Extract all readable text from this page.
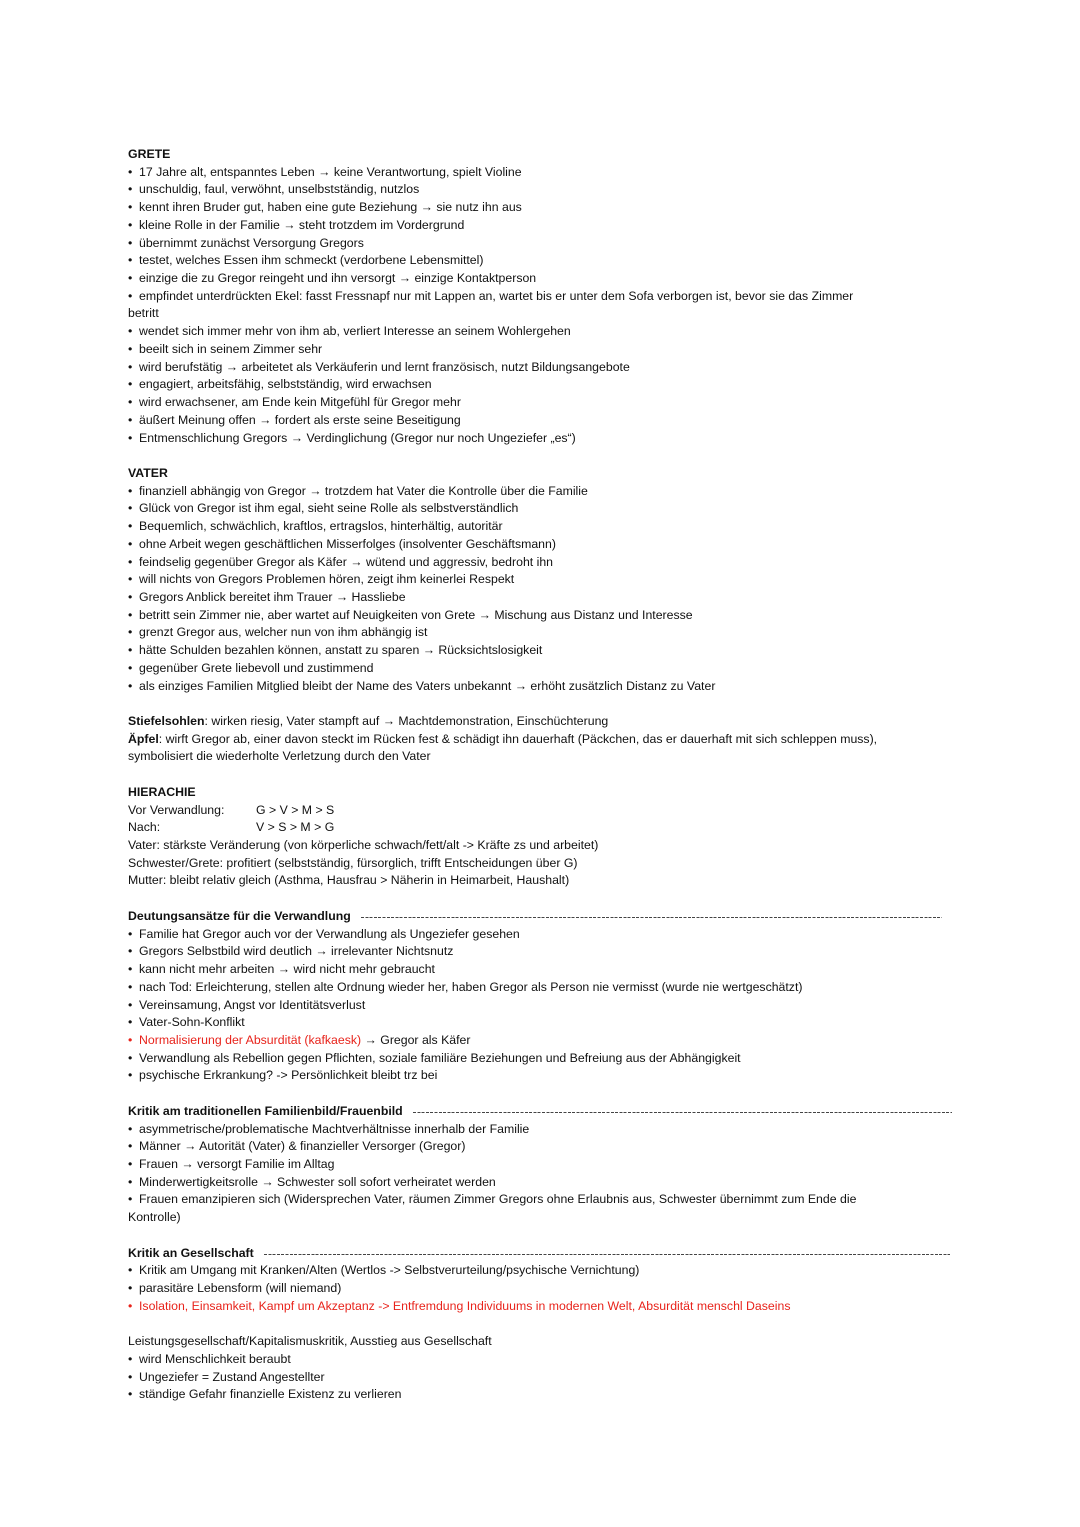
GRETE
• 17 Jahre alt, entspanntes Leben → keine Verantwortung, spielt Violine
• unschuldig, faul, verwöhnt, unselbstständig, nutzlos
• kennt ihren Bruder gut, haben eine gute Beziehung → sie nutz ihn aus
• kleine Rolle in der Familie → steht trotzdem im Vordergrund
• übernimmt zunächst Versorgung Gregors
• testet, welches Essen ihm schmeckt (verdorbene Lebensmittel)
• einzige die zu Gregor reingeht und ihn versorgt → einzige Kontaktperson
• empfindet unterdrückten Ekel: fasst Fressnapf nur mit Lappen an, wartet bis er unter dem Sofa verborgen ist, bevor sie das Zimmer
betritt
• wendet sich immer mehr von ihm ab, verliert Interesse an seinem Wohlergehen
• beeilt sich in seinem Zimmer sehr
• wird berufstätig → arbeitetet als Verkäuferin und lernt französisch, nutzt Bildungsangebote
• engagiert, arbeitsfähig, selbstständig, wird erwachsen
• wird erwachsener, am Ende kein Mitgefühl für Gregor mehr
• äußert Meinung offen → fordert als erste seine Beseitigung
• Entmenschlichung Gregors → Verdinglichung (Gregor nur noch Ungeziefer „es“)
VATER
• finanziell abhängig von Gregor → trotzdem hat Vater die Kontrolle über die Familie
• Glück von Gregor ist ihm egal, sieht seine Rolle als selbstverständlich
• Bequemlich, schwächlich, kraftlos, ertragslos, hinterhältig, autoritär
• ohne Arbeit wegen geschäftlichen Misserfolges (insolventer Geschäftsmann)
• feindselig gegenüber Gregor als Käfer → wütend und aggressiv, bedroht ihn
• will nichts von Gregors Problemen hören, zeigt ihm keinerlei Respekt
• Gregors Anblick bereitet ihm Trauer → Hassliebe
• betritt sein Zimmer nie, aber wartet auf Neuigkeiten von Grete → Mischung aus Distanz und Interesse
• grenzt Gregor aus, welcher nun von ihm abhängig ist
• hätte Schulden bezahlen können, anstatt zu sparen → Rücksichtslosigkeit
• gegenüber Grete liebevoll und zustimmend
• als einziges Familien Mitglied bleibt der Name des Vaters unbekannt → erhöht zusätzlich Distanz zu Vater
Stiefelsohlen: wirken riesig, Vater stampft auf → Machtdemonstration, Einschüchterung
Äpfel: wirft Gregor ab, einer davon steckt im Rücken fest & schädigt ihn dauerhaft (Päckchen, das er dauerhaft mit sich schleppen muss),
symbolisiert die wiederholte Verletzung durch den Vater
HIERACHIE
Vor Verwandlung:	G > V > M > S
Nach:	V > S > M > G
Vater: stärkste Veränderung (von körperliche schwach/fett/alt -> Kräfte zs und arbeitet)
Schwester/Grete: profitiert (selbstständig, fürsorglich, trifft Entscheidungen über G)
Mutter: bleibt relativ gleich (Asthma, Hausfrau > Näherin in Heimarbeit, Haushalt)
Deutungsansätze für die Verwandlung
• Familie hat Gregor auch vor der Verwandlung als Ungeziefer gesehen
• Gregors Selbstbild wird deutlich → irrelevanter Nichtsnutz
• kann nicht mehr arbeiten → wird nicht mehr gebraucht
• nach Tod: Erleichterung, stellen alte Ordnung wieder her, haben Gregor als Person nie vermisst (wurde nie wertgeschätzt)
• Vereinsamung, Angst vor Identitätsverlust
• Vater-Sohn-Konflikt
• Normalisierung der Absurdität (kafkaesk) → Gregor als Käfer
• Verwandlung als Rebellion gegen Pflichten, soziale familiäre Beziehungen und Befreiung aus der Abhängigkeit
• psychische Erkrankung? -> Persönlichkeit bleibt trz bei
Kritik am traditionellen Familienbild/Frauenbild
• asymmetrische/problematische Machtverhältnisse innerhalb der Familie
• Männer → Autorität (Vater) & finanzieller Versorger (Gregor)
• Frauen → versorgt Familie im Alltag
• Minderwertigkeitsrolle → Schwester soll sofort verheiratet werden
• Frauen emanzipieren sich (Widersprechen Vater, räumen Zimmer Gregors ohne Erlaubnis aus, Schwester übernimmt zum Ende die
Kontrolle)
Kritik an Gesellschaft
• Kritik am Umgang mit Kranken/Alten (Wertlos -> Selbstverurteilung/psychische Vernichtung)
• parasitäre Lebensform (will niemand)
• Isolation, Einsamkeit, Kampf um Akzeptanz -> Entfremdung Individuums in modernen Welt, Absurdität menschl Daseins
Leistungsgesellschaft/Kapitalismuskritik, Ausstieg aus Gesellschaft
• wird Menschlichkeit beraubt
• Ungeziefer = Zustand Angestellter
• ständige Gefahr finanzielle Existenz zu verlieren
